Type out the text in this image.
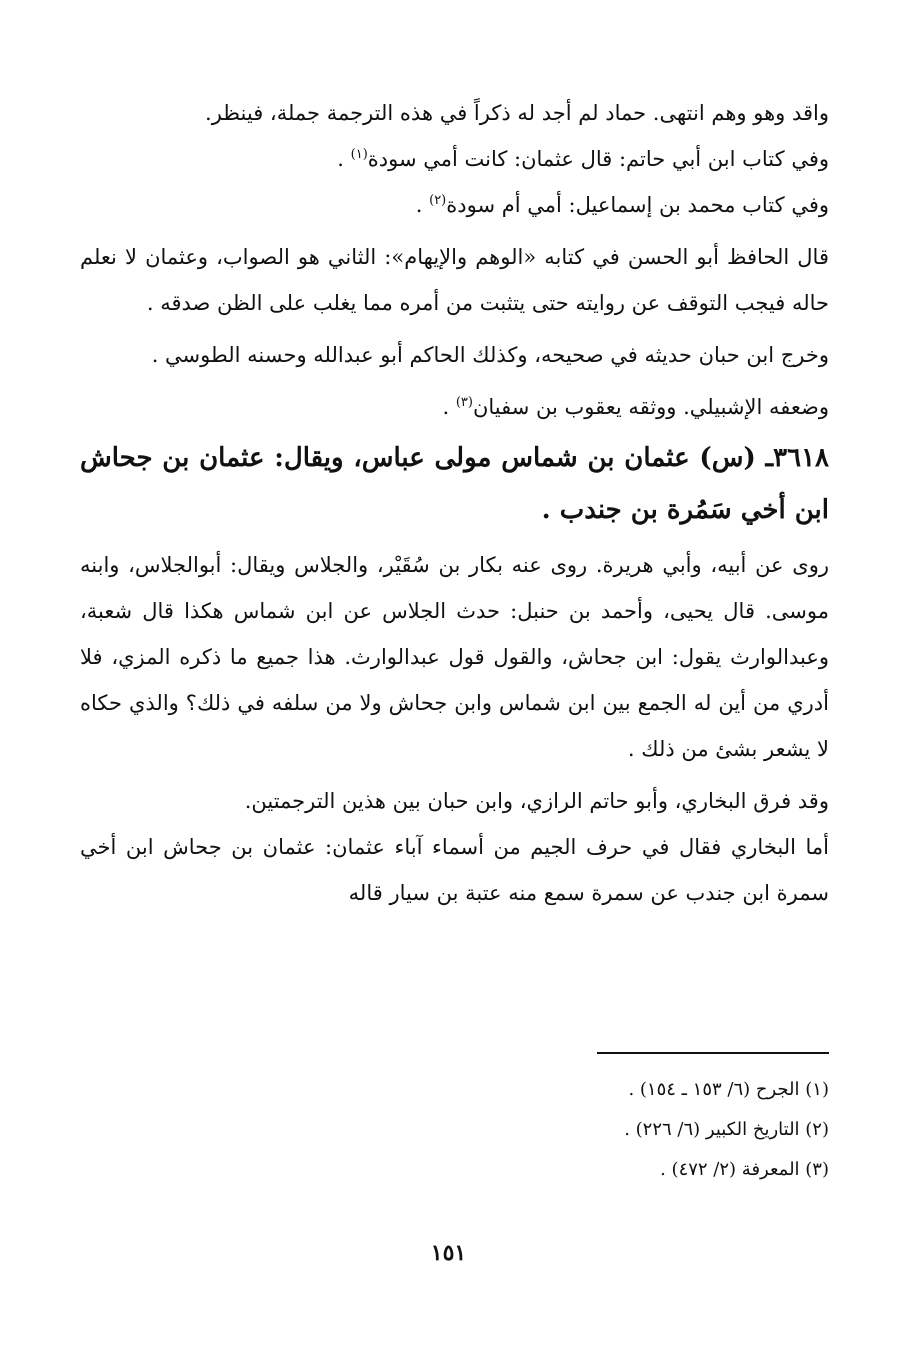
واقد وهو وهم انتهى. حماد لم أجد له ذكراً في هذه الترجمة جملة، فينظر.

وفي كتاب ابن أبي حاتم: قال عثمان: كانت أمي سودة$^{(١)}$ .

وفي كتاب محمد بن إسماعيل: أمي أم سودة$^{(٢)}$ .

قال الحافظ أبو الحسن في كتابه «الوهم والإيهام»: الثاني هو الصواب، وعثمان لا نعلم حاله فيجب التوقف عن روايته حتى يتثبت من أمره مما يغلب على الظن صدقه .

وخرج ابن حبان حديثه في صحيحه، وكذلك الحاكم أبو عبدالله وحسنه الطوسي .

وضعفه الإشبيلي. ووثقه يعقوب بن سفيان$^{(٣)}$ .

٣٦١٨ـ (س) عثمان بن شماس مولى عباس، ويقال: عثمان بن جحاش ابن أخي سَمُرة بن جندب .

روى عن أبيه، وأبي هريرة. روى عنه بكار بن سُقَيْر، والجلاس ويقال: أبوالجلاس، وابنه موسى. قال يحيى، وأحمد بن حنبل: حدث الجلاس عن ابن شماس هكذا قال شعبة، وعبدالوارث يقول: ابن جحاش، والقول قول عبدالوارث. هذا جميع ما ذكره المزي، فلا أدري من أين له الجمع بين ابن شماس وابن جحاش ولا من سلفه في ذلك؟ والذي حكاه لا يشعر بشئ من ذلك .

وقد فرق البخاري، وأبو حاتم الرازي، وابن حبان بين هذين الترجمتين.

أما البخاري فقال في حرف الجيم من أسماء آباء عثمان: عثمان بن جحاش ابن أخي سمرة ابن جندب عن سمرة سمع منه عتبة بن سيار قاله

(١) الجرح (٦/ ١٥٣ ـ ١٥٤) .

(٢) التاريخ الكبير (٦/ ٢٢٦) .

(٣) المعرفة (٢/ ٤٧٢) .

١٥١
